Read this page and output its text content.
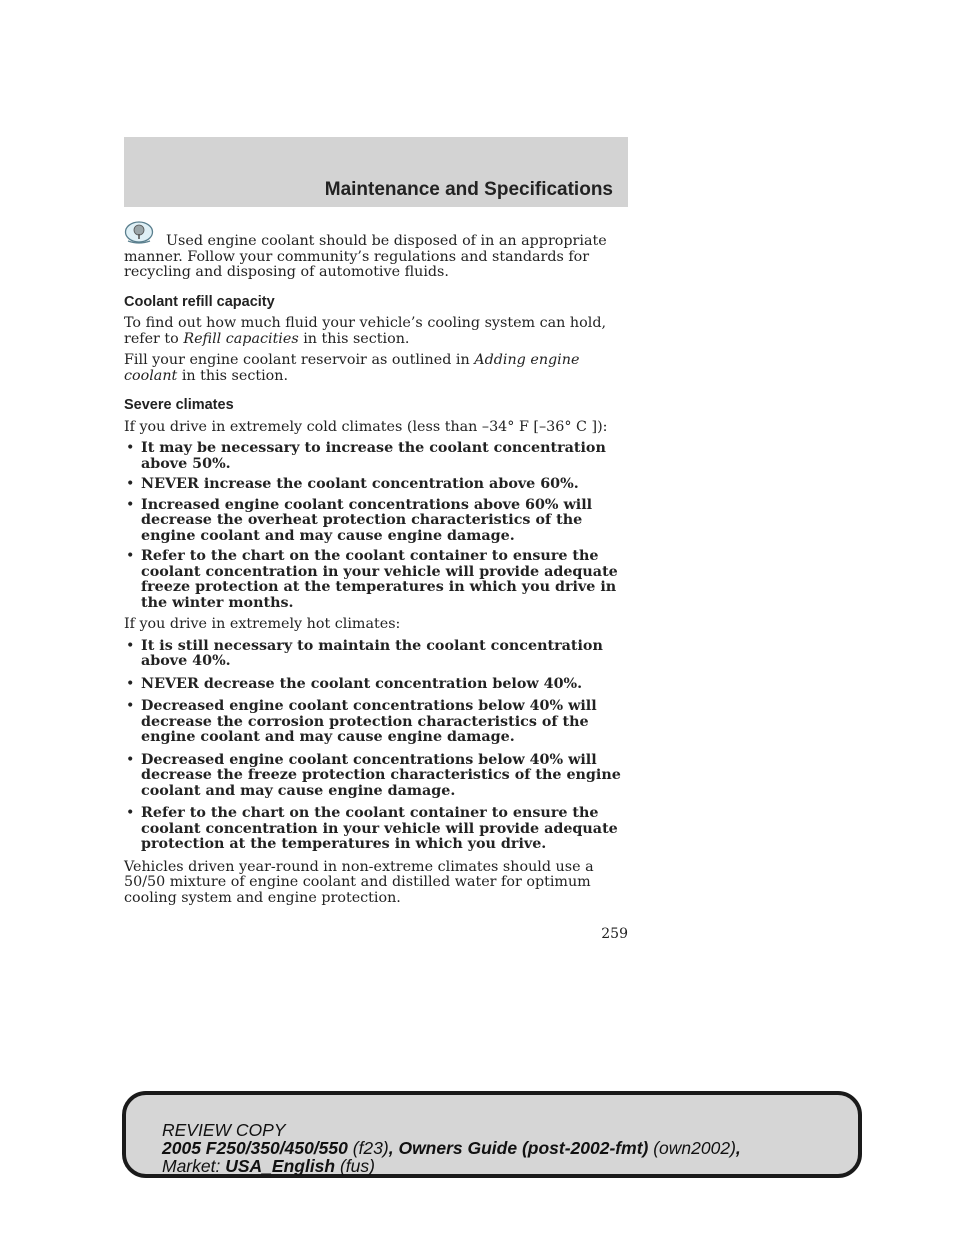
Maintenance and Specifications

Used engine coolant should be disposed of in an appropriate manner. Follow your community’s regulations and standards for recycling and disposing of automotive fluids.

Coolant refill capacity

To find out how much fluid your vehicle’s cooling system can hold, refer to Refill capacities in this section.

Fill your engine coolant reservoir as outlined in Adding engine coolant in this section.

Severe climates

If you drive in extremely cold climates (less than –34° F [–36° C ]):

• It may be necessary to increase the coolant concentration above 50%.
• NEVER increase the coolant concentration above 60%.
• Increased engine coolant concentrations above 60% will decrease the overheat protection characteristics of the engine coolant and may cause engine damage.
• Refer to the chart on the coolant container to ensure the coolant concentration in your vehicle will provide adequate freeze protection at the temperatures in which you drive in the winter months.

If you drive in extremely hot climates:

• It is still necessary to maintain the coolant concentration above 40%.
• NEVER decrease the coolant concentration below 40%.
• Decreased engine coolant concentrations below 40% will decrease the corrosion protection characteristics of the engine coolant and may cause engine damage.
• Decreased engine coolant concentrations below 40% will decrease the freeze protection characteristics of the engine coolant and may cause engine damage.
• Refer to the chart on the coolant container to ensure the coolant concentration in your vehicle will provide adequate protection at the temperatures in which you drive.

Vehicles driven year-round in non-extreme climates should use a 50/50 mixture of engine coolant and distilled water for optimum cooling system and engine protection.

259
REVIEW COPY
2005 F250/350/450/550 (f23), Owners Guide (post-2002-fmt) (own2002),
Market: USA_English (fus)
